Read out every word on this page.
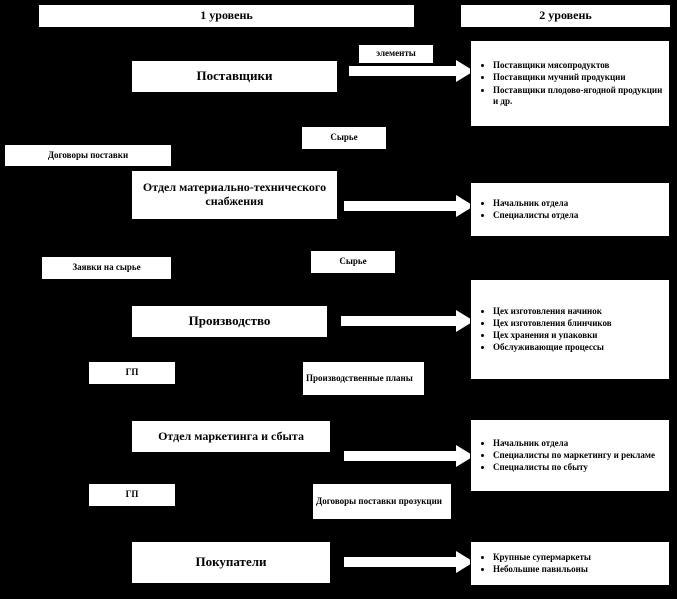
1 уровень	2 уровень
Поставщики
элементы
• Поставщики мясопродуктов
• Поставщики мучний продукции
• Поставщики плодово-ягодной продукции и др.
Сырье
Договоры поставки
Отдел материально-технического снабжения	• Начальник отдела
• Специалисты отдела
Заявки на сырье
Сырье
Производство
• Цех изготовления начинок
• Цех изготовления блинчиков
• Цех хранения и упаковки
• Обслуживающие процессы
ГП
Производственные планы
Отдел маркетинга и сбыта
• Начальник отдела
• Специалисты по маркетингу и рекламе
• Специалисты по сбыту
ГП
Договоры поставки прозукции
Покупатели	• Крупные супермаркеты
• Небольшие павильоны
